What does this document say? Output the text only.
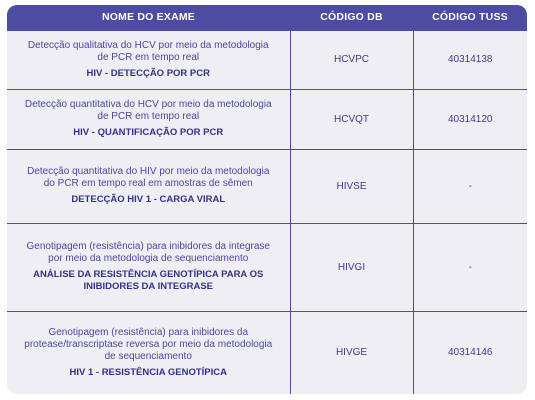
NOME DO EXAME	CÓDIGO DB	CÓDIGO TUSS

Detecção qualitativa do HCV por meio da metodologia de PCR em tempo real
HIV - DETECÇÃO POR PCR	HCVPC	40314138

Detecção quantitativa do HCV por meio da metodologia de PCR em tempo real
HIV - QUANTIFICAÇÃO POR PCR	HCVQT	40314120

Detecção quantitativa do HIV por meio da metodologia do PCR em tempo real em amostras de sêmen
DETECÇÃO HIV 1 - CARGA VIRAL	HIVSE	-

Genotipagem (resistência) para inibidores da integrase por meio da metodologia de sequenciamento
ANÁLISE DA RESISTÊNCIA GENOTÍPICA PARA OS INIBIDORES DA INTEGRASE	HIVGI	-

Genotipagem (resistência) para inibidores da protease/transcriptase reversa por meio da metodologia de sequenciamento
HIV 1 - RESISTÊNCIA GENOTÍPICA	HIVGE	40314146
